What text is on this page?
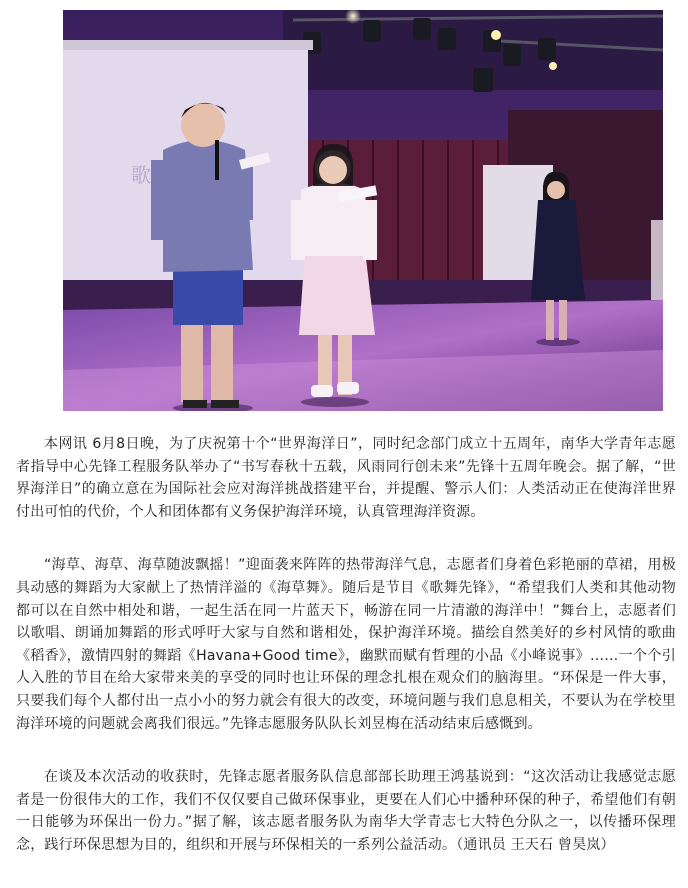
歌

本网讯 6月8日晚，为了庆祝第十个“世界海洋日”，同时纪念部门成立十五周年，南华大学青年志愿者指导中心先锋工程服务队举办了“书写春秋十五载，风雨同行创未来”先锋十五周年晚会。据了解，“世界海洋日”的确立意在为国际社会应对海洋挑战搭建平台，并提醒、警示人们：人类活动正在使海洋世界付出可怕的代价，个人和团体都有义务保护海洋环境，认真管理海洋资源。

“海草、海草、海草随波飘摇！”迎面袭来阵阵的热带海洋气息，志愿者们身着色彩艳丽的草裙，用极具动感的舞蹈为大家献上了热情洋溢的《海草舞》。随后是节目《歌舞先锋》，“希望我们人类和其他动物都可以在自然中相处和谐，一起生活在同一片蓝天下，畅游在同一片清澈的海洋中！”舞台上，志愿者们以歌唱、朗诵加舞蹈的形式呼吁大家与自然和谐相处，保护海洋环境。描绘自然美好的乡村风情的歌曲《稻香》，激情四射的舞蹈《Havana+Good time》，幽默而赋有哲理的小品《小峰说事》……一个个引人入胜的节目在给大家带来美的享受的同时也让环保的理念扎根在观众们的脑海里。“环保是一件大事，只要我们每个人都付出一点小小的努力就会有很大的改变，环境问题与我们息息相关，不要认为在学校里海洋环境的问题就会离我们很远。”先锋志愿服务队队长刘昱梅在活动结束后感慨到。

在谈及本次活动的收获时，先锋志愿者服务队信息部部长助理王鸿基说到：“这次活动让我感觉志愿者是一份很伟大的工作，我们不仅仅要自己做环保事业，更要在人们心中播种环保的种子，希望他们有朝一日能够为环保出一份力。”据了解，该志愿者服务队为南华大学青志七大特色分队之一，以传播环保理念，践行环保思想为目的，组织和开展与环保相关的一系列公益活动。（通讯员 王天石 曾昊岚）
